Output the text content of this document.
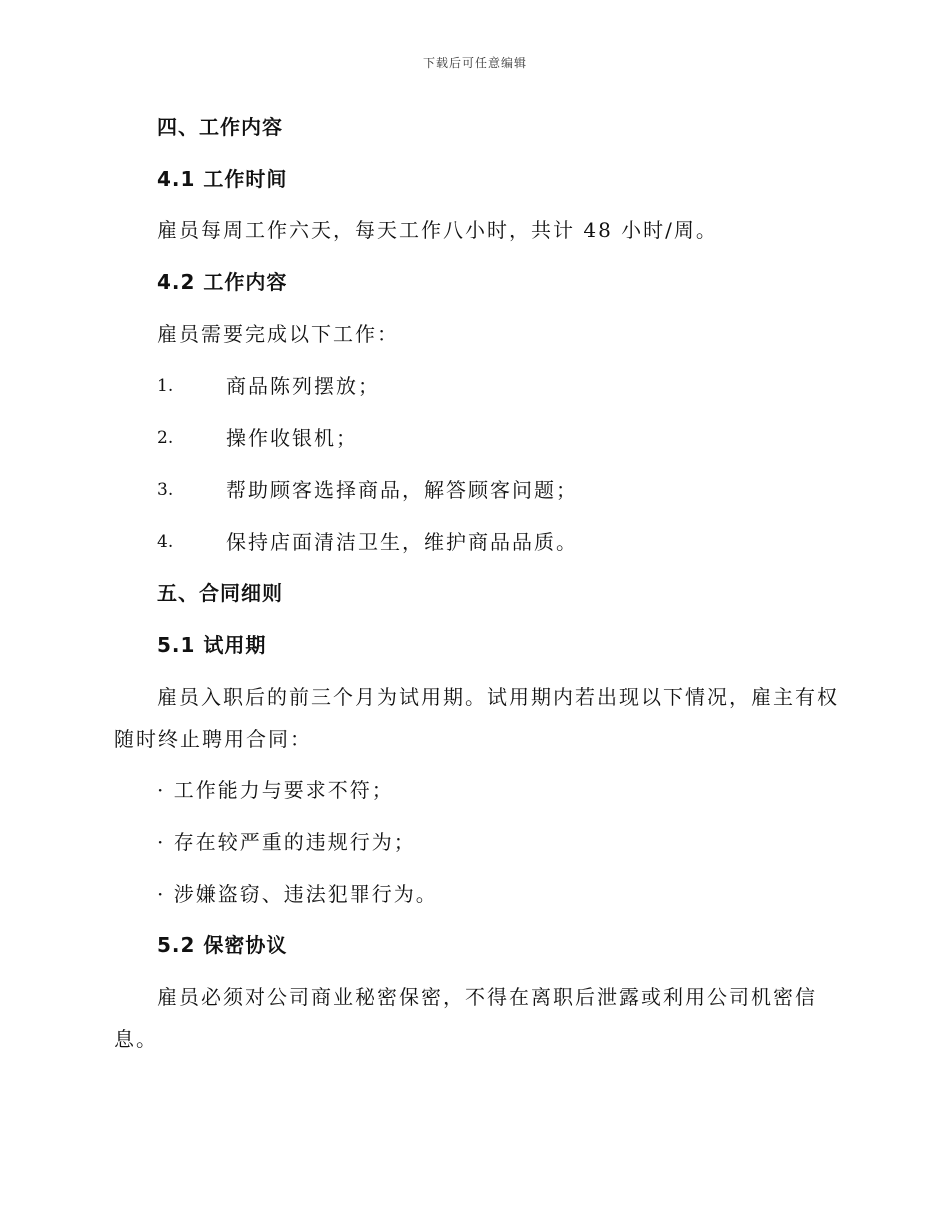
下载后可任意编辑
四、工作内容
4.1 工作时间
雇员每周工作六天，每天工作八小时，共计 48 小时/周。
4.2 工作内容
雇员需要完成以下工作：
1.	商品陈列摆放；
2.	操作收银机；
3.	帮助顾客选择商品，解答顾客问题；
4.	保持店面清洁卫生，维护商品品质。
五、合同细则
5.1 试用期
雇员入职后的前三个月为试用期。试用期内若出现以下情况，雇主有权
随时终止聘用合同：
· 工作能力与要求不符；
· 存在较严重的违规行为；
· 涉嫌盗窃、违法犯罪行为。
5.2 保密协议
雇员必须对公司商业秘密保密，不得在离职后泄露或利用公司机密信
息。
